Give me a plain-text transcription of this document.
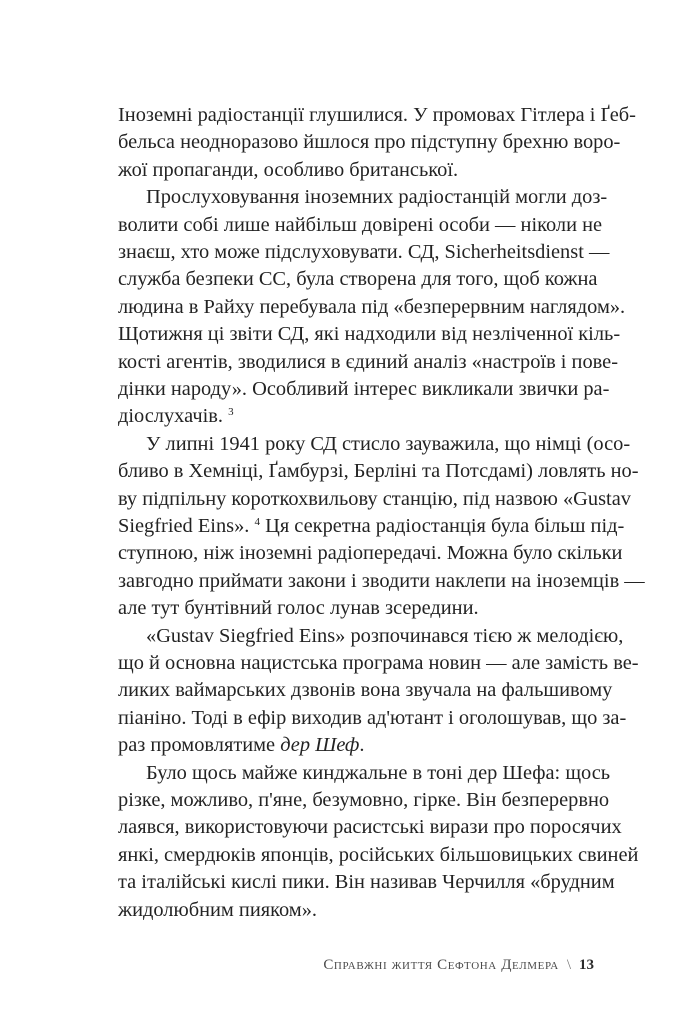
Іноземні радіостанції глушилися. У промовах Гітлера і Ґеб-
бельса неодноразово йшлося про підступну брехню воро-
жої пропаганди, особливо британської.
Прослуховування іноземних радіостанцій могли доз-
волити собі лише найбільш довірені особи — ніколи не
знаєш, хто може підслуховувати. СД, Sicherheitsdienst —
служба безпеки СС, була створена для того, щоб кожна
людина в Райху перебувала під «безперервним наглядом».
Щотижня ці звіти СД, які надходили від незліченної кіль-
кості агентів, зводилися в єдиний аналіз «настроїв і пове-
дінки народу». Особливий інтерес викликали звички ра-
діослухачів. $^3$
У липні 1941 року СД стисло зауважила, що німці (осо-
бливо в Хемніці, Ґамбурзі, Берліні та Потсдамі) ловлять но-
ву підпільну короткохвильову станцію, під назвою «Gustav
Siegfried Eins». $^4$ Ця секретна радіостанція була більш під-
ступною, ніж іноземні радіопередачі. Можна було скільки
завгодно приймати закони і зводити наклепи на іноземців —
але тут бунтівний голос лунав зсередини.
«Gustav Siegfried Eins» розпочинався тією ж мелодією,
що й основна нацистська програма новин — але замість ве-
ликих ваймарських дзвонів вона звучала на фальшивому
піаніно. Тоді в ефір виходив ад'ютант і оголошував, що за-
раз промовлятиме дер Шеф.
Було щось майже кинджальне в тоні дер Шефа: щось
різке, можливо, п'яне, безумовно, гірке. Він безперервно
лаявся, використовуючи расистські вирази про поросячих
янкі, смердюків японців, російських більшовицьких свиней
та італійські кислі пики. Він називав Черчилля «брудним
жидолюбним пияком».
Справжні життя Сефтона Делмера \ 13
